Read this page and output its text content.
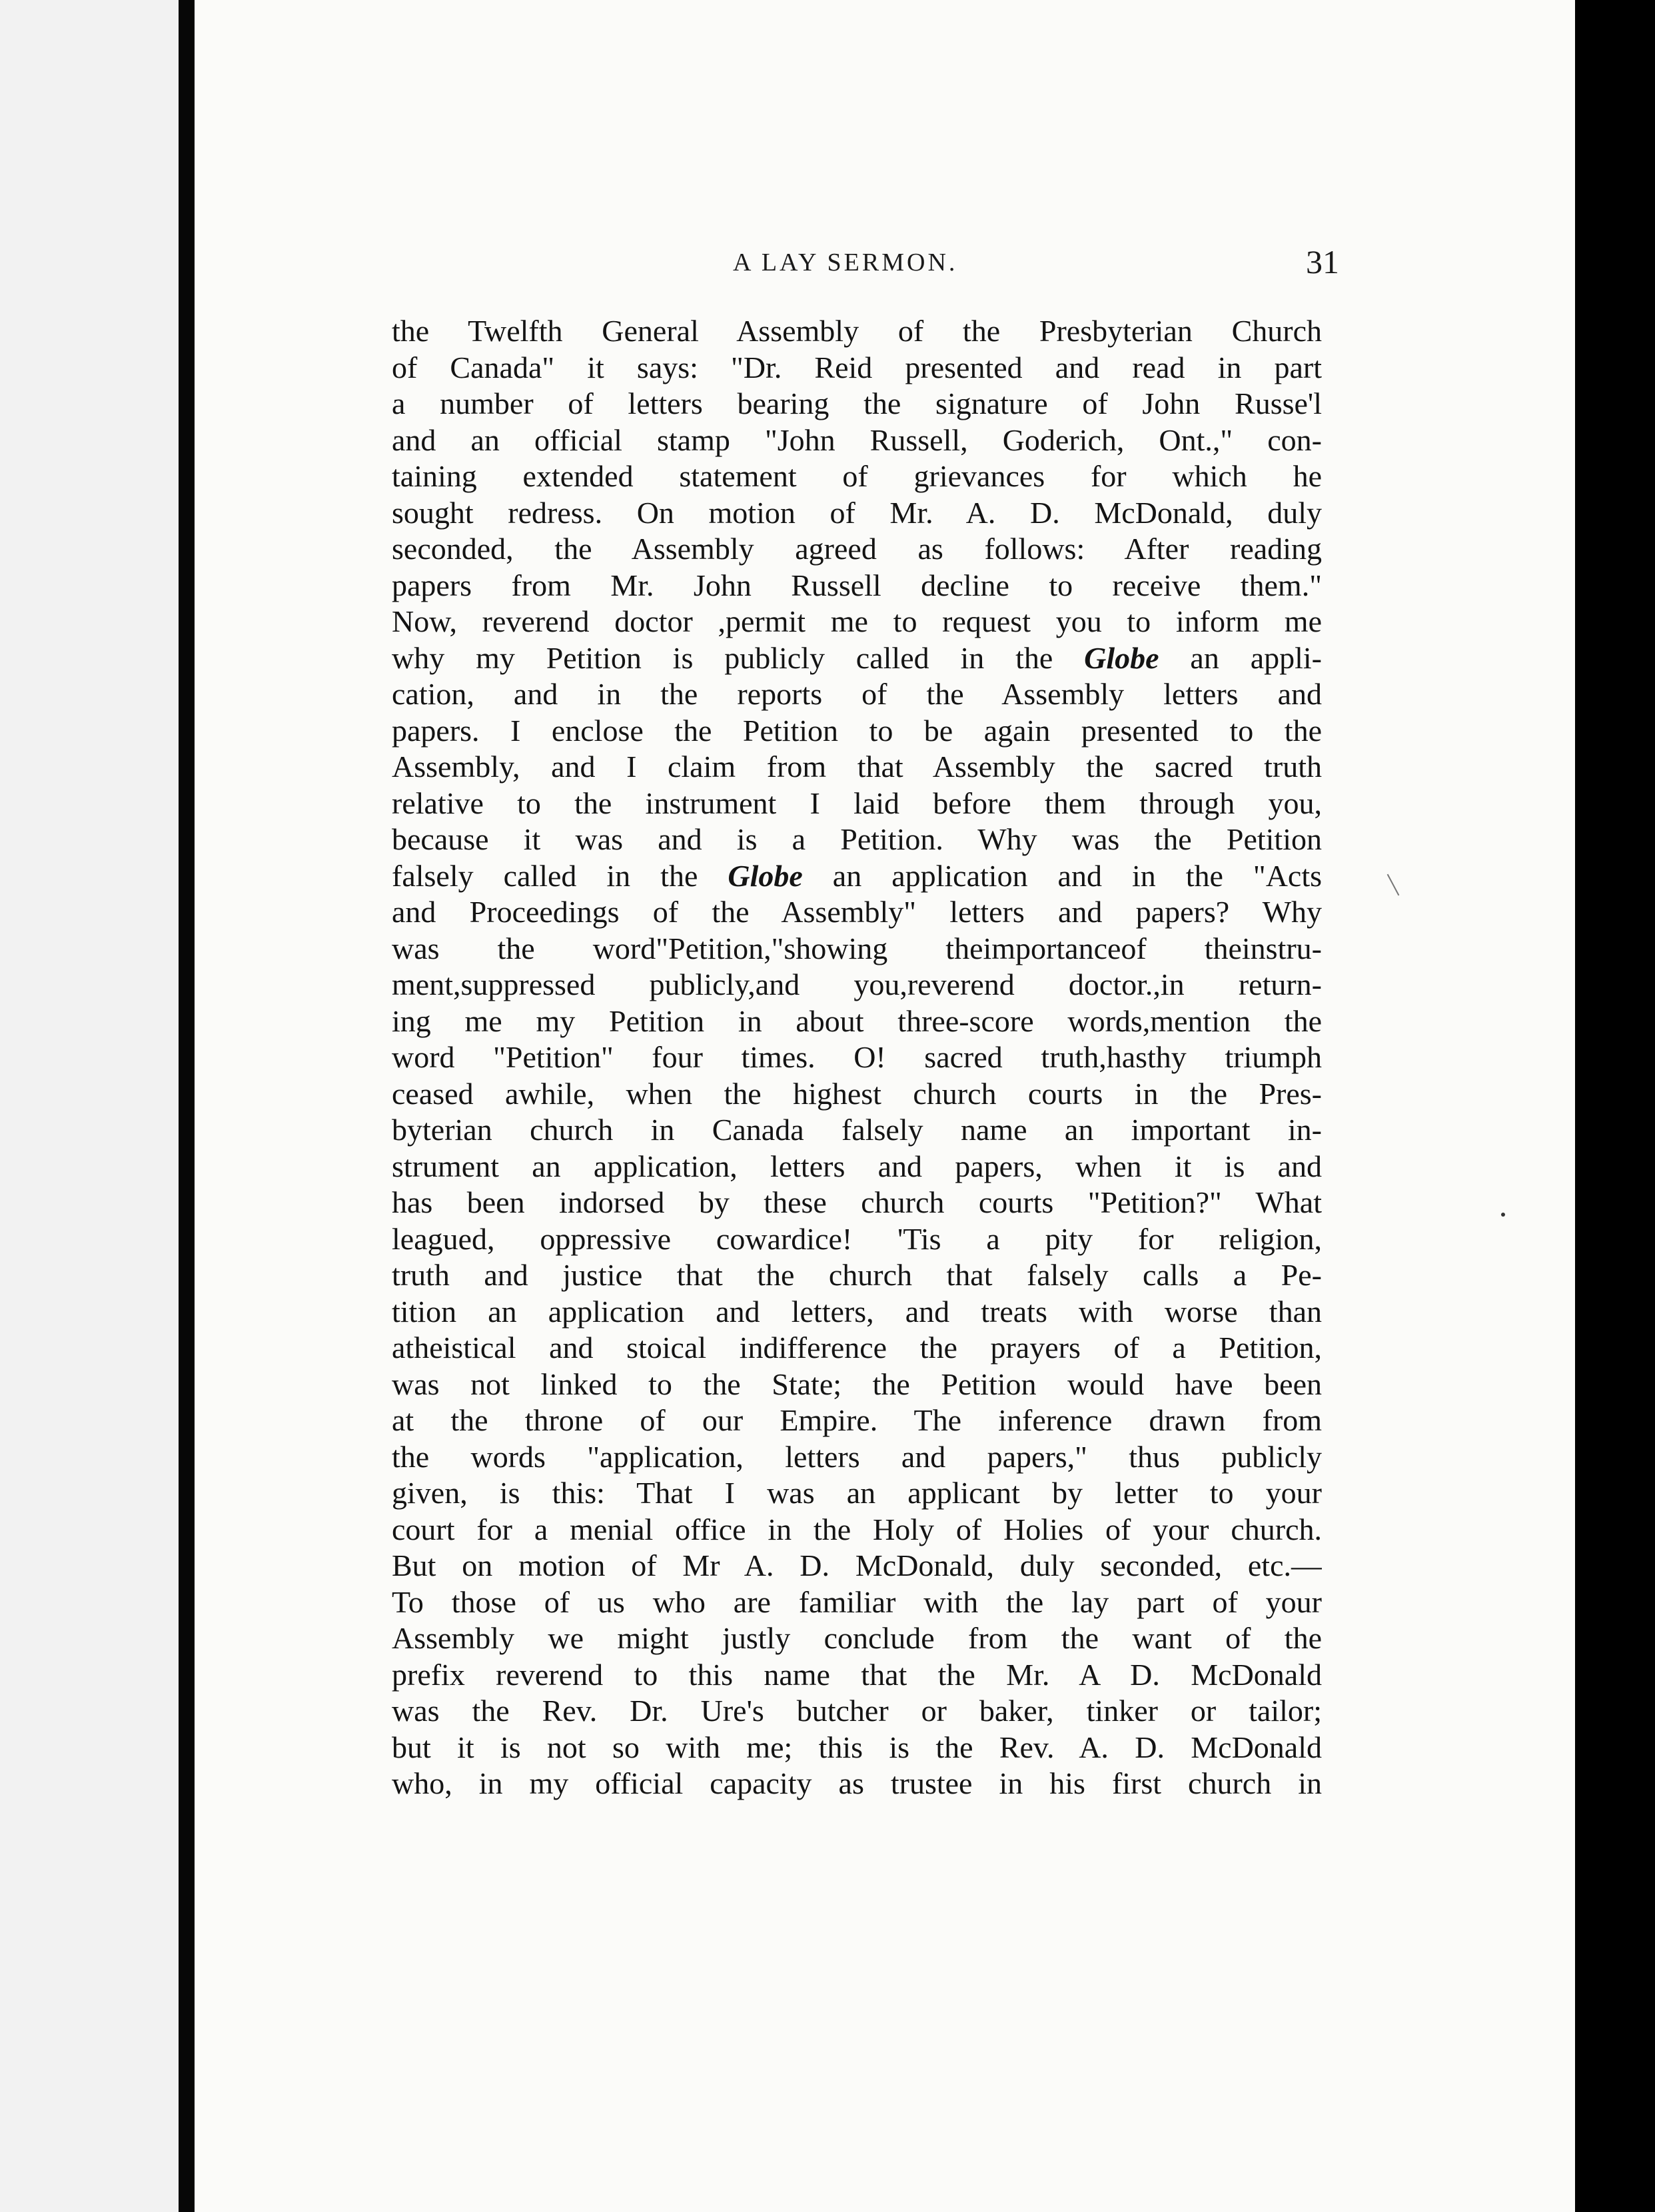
A LAY SERMON.	31
the Twelfth General Assembly of the Presbyterian Church
of Canada" it says: "Dr. Reid presented and read in part
a number of letters bearing the signature of John Russe'l
and an official stamp "John Russell, Goderich, Ont.," con-
taining extended statement of grievances for which he
sought redress. On motion of Mr. A. D. McDonald, duly
seconded, the Assembly agreed as follows: After reading
papers from Mr. John Russell decline to receive them."
Now, reverend doctor ,permit me to request you to inform me
why my Petition is publicly called in the Globe an appli-
cation, and in the reports of the Assembly letters and
papers. I enclose the Petition to be again presented to the
Assembly, and I claim from that Assembly the sacred truth
relative to the instrument I laid before them through you,
because it was and is a Petition. Why was the Petition
falsely called in the Globe an application and in the "Acts
and Proceedings of the Assembly" letters and papers? Why
was the word"Petition,"showing theimportanceof theinstru-
ment,suppressed publicly,and you,reverend doctor.,in return-
ing me my Petition in about three-score words,mention the
word "Petition" four times. O! sacred truth,hasthy triumph
ceased awhile, when the highest church courts in the Pres-
byterian church in Canada falsely name an important in-
strument an application, letters and papers, when it is and
has been indorsed by these church courts "Petition?" What
leagued, oppressive cowardice! 'Tis a pity for religion,
truth and justice that the church that falsely calls a Pe-
tition an application and letters, and treats with worse than
atheistical and stoical indifference the prayers of a Petition,
was not linked to the State; the Petition would have been
at the throne of our Empire. The inference drawn from
the words "application, letters and papers," thus publicly
given, is this: That I was an applicant by letter to your
court for a menial office in the Holy of Holies of your church.
But on motion of Mr A. D. McDonald, duly seconded, etc.—
To those of us who are familiar with the lay part of your
Assembly we might justly conclude from the want of the
prefix reverend to this name that the Mr. A D. McDonald
was the Rev. Dr. Ure's butcher or baker, tinker or tailor;
but it is not so with me; this is the Rev. A. D. McDonald
who, in my official capacity as trustee in his first church in
